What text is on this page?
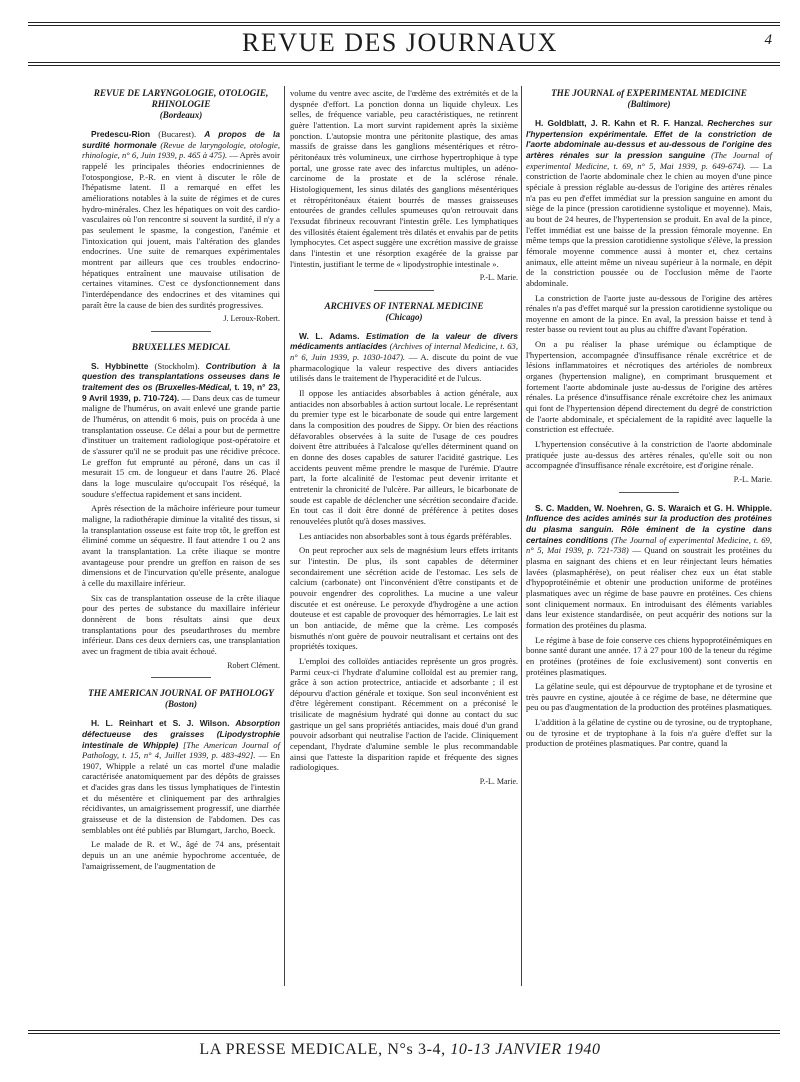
REVUE DES JOURNAUX	4
REVUE DE LARYNGOLOGIE, OTOLOGIE, RHINOLOGIE
(Bordeaux)

Predescu-Rion (Bucarest). A propos de la surdité hormonale (Revue de laryngologie, otologie, rhinologie, n° 6, Juin 1939, p. 465 à 475). — Après avoir rappelé les principales théories endocriniennes de l'otospongiose, P.-R. en vient à discuter le rôle de l'hépatisme latent. Il a remarqué en effet les améliorations notables à la suite de régimes et de cures hydro-minérales. Chez les hépatiques on voit des cardio-vasculaires où l'on rencontre si souvent la surdité, il n'y a pas seulement le spasme, la congestion, l'anémie et l'intoxication qui jouent, mais l'altération des glandes endocrines. Une suite de remarques expérimentales montrent par ailleurs que ces troubles endocrino-hépatiques entraînent une mauvaise utilisation de certaines vitamines. C'est ce dysfonctionnement dans l'interdépendance des endocrines et des vitamines qui paraît être la cause de bien des surdités progressives.

J. Leroux-Robert.

BRUXELLES MEDICAL

S. Hybbinette (Stockholm). Contribution à la question des transplantations osseuses dans le traitement des os (Bruxelles-Médical, t. 19, n° 23, 9 Avril 1939, p. 710-724). — Dans deux cas de tumeur maligne de l'humérus, on avait enlevé une grande partie de l'humérus, on attendit 6 mois, puis on procéda à une transplantation osseuse. Ce délai a pour but de permettre d'instituer un traitement radiologique post-opératoire et de s'assurer qu'il ne se produit pas une récidive précoce. Le greffon fut emprunté au péroné, dans un cas il mesurait 15 cm. de longueur et dans l'autre 26. Placé dans la loge musculaire qu'occupait l'os réséqué, la soudure s'effectua rapidement et sans incident.

Après résection de la mâchoire inférieure pour tumeur maligne, la radiothérapie diminue la vitalité des tissus, si la transplantation osseuse est faite trop tôt, le greffon est éliminé comme un séquestre. Il faut attendre 1 ou 2 ans avant la transplantation. La crête iliaque se montre avantageuse pour prendre un greffon en raison de ses dimensions et de l'incurvation qu'elle présente, analogue à celle du maxillaire inférieur.

Six cas de transplantation osseuse de la crête iliaque pour des pertes de substance du maxillaire inférieur donnèrent de bons résultats ainsi que deux transplantations pour des pseudarthroses du membre inférieur. Dans ces deux derniers cas, une transplantation avec un fragment de tibia avait échoué.

Robert Clément.

THE AMERICAN JOURNAL OF PATHOLOGY
(Boston)

H. L. Reinhart et S. J. Wilson. Absorption défectueuse des graisses (Lipodystrophie intestinale de Whipple) [The American Journal of Pathology, t. 15, n° 4, Juillet 1939, p. 483-492]. — En 1907, Whipple a relaté un cas mortel d'une maladie caractérisée anatomiquement par des dépôts de graisses et d'acides gras dans les tissus lymphatiques de l'intestin et du mésentère et cliniquement par des arthralgies récidivantes, un amaigrissement progressif, une diarrhée graisseuse et de la distension de l'abdomen. Des cas semblables ont été publiés par Blumgart, Jarcho, Boeck.

Le malade de R. et W., âgé de 74 ans, présentait depuis un an une anémie hypochrome accentuée, de l'amaigrissement, de l'augmentation de

volume du ventre avec ascite, de l'œdème des extrémités et de la dyspnée d'effort. La ponction donna un liquide chyleux. Les selles, de fréquence variable, peu caractéristiques, ne retinrent guère l'attention. La mort survint rapidement après la sixième ponction. L'autopsie montra une péritonite plastique, des amas massifs de graisse dans les ganglions mésentériques et rétro-péritonéaux très volumineux, une cirrhose hypertrophique à type portal, une grosse rate avec des infarctus multiples, un adéno-carcinome de la prostate et de la sclérose rénale. Histologiquement, les sinus dilatés des ganglions mésentériques et rétropéritonéaux étaient bourrés de masses graisseuses entourées de grandes cellules spumeuses qu'on retrouvait dans l'exsudat fibrineux recouvrant l'intestin grêle. Les lymphatiques des villosités étaient également très dilatés et envahis par de petits lymphocytes. Cet aspect suggère une excrétion massive de graisse dans l'intestin et une résorption exagérée de la graisse par l'intestin, justifiant le terme de « lipodystrophie intestinale ».

P.-L. Marie.

ARCHIVES OF INTERNAL MEDICINE
(Chicago)

W. L. Adams. Estimation de la valeur de divers médicaments antiacides (Archives of internal Medicine, t. 63, n° 6, Juin 1939, p. 1030-1047). — A. discute du point de vue pharmacologique la valeur respective des divers antiacides utilisés dans le traitement de l'hyperacidité et de l'ulcus.

Il oppose les antiacides absorbables à action générale, aux antiacides non absorbables à action surtout locale. Le représentant du premier type est le bicarbonate de soude qui entre largement dans la composition des poudres de Sippy. Or bien des réactions défavorables observées à la suite de l'usage de ces poudres doivent être attribuées à l'alcalose qu'elles déterminent quand on en donne des doses capables de saturer l'acidité gastrique. Les accidents peuvent même prendre le masque de l'urémie. D'autre part, la forte alcalinité de l'estomac peut devenir irritante et entretenir la chronicité de l'ulcère. Par ailleurs, le bicarbonate de soude est capable de déclencher une sécrétion secondaire d'acide. En tout cas il doit être donné de préférence à petites doses renouvelées plutôt qu'à doses massives.

Les antiacides non absorbables sont à tous égards préférables.

On peut reprocher aux sels de magnésium leurs effets irritants sur l'intestin. De plus, ils sont capables de déterminer secondairement une sécrétion acide de l'estomac. Les sels de calcium (carbonate) ont l'inconvénient d'être constipants et de pouvoir engendrer des coprolithes. La mucine a une valeur discutée et est onéreuse. Le peroxyde d'hydrogène a une action douteuse et est capable de provoquer des hémorragies. Le lait est un bon antiacide, de même que la crème. Les composés bismuthés n'ont guère de pouvoir neutralisant et certains ont des propriétés toxiques.

L'emploi des colloïdes antiacides représente un gros progrès. Parmi ceux-ci l'hydrate d'alumine colloïdal est au premier rang, grâce à son action protectrice, antiacide et adsorbante ; il est dépourvu d'action générale et toxique. Son seul inconvénient est d'être légèrement constipant. Récemment on a préconisé le trisilicate de magnésium hydraté qui donne au contact du suc gastrique un gel sans propriétés antiacides, mais doué d'un grand pouvoir adsorbant qui neutralise l'action de l'acide. Cliniquement cependant, l'hydrate d'alumine semble le plus recommandable ainsi que l'atteste la disparition rapide et fréquente des signes radiologiques.

P.-L. Marie.

THE JOURNAL of EXPERIMENTAL MEDICINE
(Baltimore)

H. Goldblatt, J. R. Kahn et R. F. Hanzal. Recherches sur l'hypertension expérimentale. Effet de la constriction de l'aorte abdominale au-dessus et au-dessous de l'origine des artères rénales sur la pression sanguine (The Journal of experimental Medicine, t. 69, n° 5, Mai 1939, p. 649-674). — La constriction de l'aorte abdominale chez le chien au moyen d'une pince spéciale à pression réglable au-dessus de l'origine des artères rénales n'a pas eu pen d'effet immédiat sur la pression sanguine en amont du siège de la pince (pression carotidienne systolique et moyenne). Mais, au bout de 24 heures, de l'hypertension se produit. En aval de la pince, l'effet immédiat est une baisse de la pression fémorale moyenne. En même temps que la pression carotidienne systolique s'élève, la pression fémorale moyenne commence aussi à monter et, chez certains animaux, elle atteint même un niveau supérieur à la normale, en dépit de la constriction poussée ou de l'occlusion même de l'aorte abdominale.

La constriction de l'aorte juste au-dessous de l'origine des artères rénales n'a pas d'effet marqué sur la pression carotidienne systolique ou moyenne en amont de la pince. En aval, la pression baisse et tend à rester basse ou revient tout au plus au chiffre d'avant l'opération.

On a pu réaliser la phase urémique ou éclamptique de l'hypertension, accompagnée d'insuffisance rénale excrétrice et de lésions inflammatoires et nécrotiques des artérioles de nombreux organes (hypertension maligne), en comprimant brusquement et fortement l'aorte abdominale juste au-dessus de l'origine des artères rénales. La présence d'insuffisance rénale excrétoire chez les animaux qui font de l'hypertension dépend directement du degré de constriction de l'aorte abdominale, et spécialement de la rapidité avec laquelle la constriction est effectuée.

L'hypertension consécutive à la constriction de l'aorte abdominale pratiquée juste au-dessus des artères rénales, qu'elle soit ou non accompagnée d'insuffisance rénale excrétoire, est d'origine rénale.

P.-L. Marie.

S. C. Madden, W. Noehren, G. S. Waraich et G. H. Whipple. Influence des acides aminés sur la production des protéines du plasma sanguin. Rôle éminent de la cystine dans certaines conditions (The Journal of experimental Medicine, t. 69, n° 5, Mai 1939, p. 721-738) — Quand on soustrait les protéines du plasma en saignant des chiens et en leur réinjectant leurs hématies lavées (plasmaphérèse), on peut réaliser chez eux un état stable d'hypoprotéinémie et obtenir une production uniforme de protéines plasmatiques avec un régime de base pauvre en protéines. Ces chiens sont cliniquement normaux. En introduisant des éléments variables dans leur existence standardisée, on peut acquérir des notions sur la formation des protéines du plasma.

Le régime à base de foie conserve ces chiens hypoprotéinémiques en bonne santé durant une année. 17 à 27 pour 100 de la teneur du régime en protéines (protéines de foie exclusivement) sont convertis en protéines plasmatiques.

La gélatine seule, qui est dépourvue de tryptophane et de tyrosine et très pauvre en cystine, ajoutée à ce régime de base, ne détermine que peu ou pas d'augmentation de la production des protéines plasmatiques.

L'addition à la gélatine de cystine ou de tyrosine, ou de tryptophane, ou de tyrosine et de tryptophane à la fois n'a guère d'effet sur la production de protéines plasmatiques. Par contre, quand la

LA PRESSE MEDICALE, N°s 3-4, 10-13 JANVIER 1940
